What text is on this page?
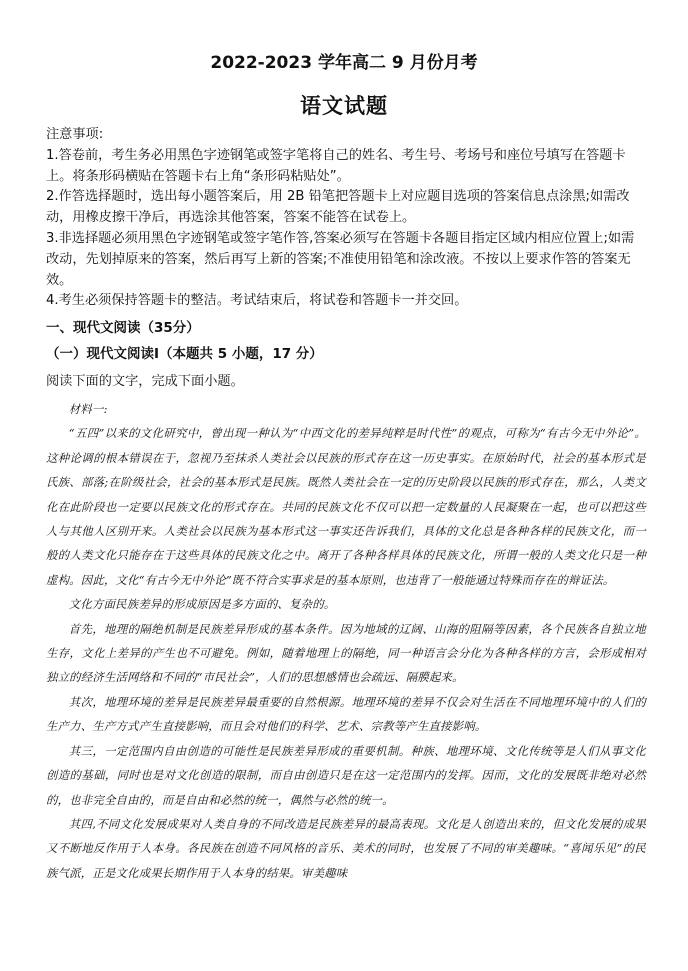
2022-2023 学年高二 9 月份月考
语文试题

注意事项:

1.答卷前，考生务必用黑色字迹钢笔或签字笔将自己的姓名、考生号、考场号和座位号填写在答题卡上。将条形码横贴在答题卡右上角“条形码粘贴处”。

2.作答选择题时，选出每小题答案后，用 2B 铅笔把答题卡上对应题目选项的答案信息点涂黑;如需改动，用橡皮擦干净后，再选涂其他答案，答案不能答在试卷上。

3.非选择题必须用黑色字迹钢笔或签字笔作答,答案必须写在答题卡各题目指定区域内相应位置上;如需改动，先划掉原来的答案，然后再写上新的答案;不准使用铅笔和涂改液。不按以上要求作答的答案无效。

4.考生必须保持答题卡的整洁。考试结束后，将试卷和答题卡一并交回。

一、现代文阅读（35分）
（一）现代文阅读Ⅰ（本题共 5 小题，17 分）
阅读下面的文字，完成下面小题。

材料一:

“五四”以来的文化研究中，曾出现一种认为“中西文化的差异纯粹是时代性”的观点，可称为“有古今无中外论”。这种论调的根本错误在于，忽视乃至抹杀人类社会以民族的形式存在这一历史事实。在原始时代，社会的基本形式是氏族、部落;在阶级社会，社会的基本形式是民族。既然人类社会在一定的历史阶段以民族的形式存在，那么，人类文化在此阶段也一定要以民族文化的形式存在。共同的民族文化不仅可以把一定数量的人民凝聚在一起，也可以把这些人与其他人区别开来。人类社会以民族为基本形式这一事实还告诉我们，具体的文化总是各种各样的民族文化，而一般的人类文化只能存在于这些具体的民族文化之中。离开了各种各样具体的民族文化，所谓一般的人类文化只是一种虚构。因此，文化“有古今无中外论”既不符合实事求是的基本原则，也违背了一般能通过特殊而存在的辩证法。

文化方面民族差异的形成原因是多方面的、复杂的。

首先，地理的隔绝机制是民族差异形成的基本条件。因为地域的辽阔、山海的阻隔等因素，各个民族各自独立地生存，文化上差异的产生也不可避免。例如，随着地理上的隔绝，同一种语言会分化为各种各样的方言，会形成相对独立的经济生活网络和不同的“市民社会”，人们的思想感情也会疏远、隔膜起来。

其次，地理环境的差异是民族差异最重要的自然根源。地理环境的差异不仅会对生活在不同地理环境中的人们的生产力、生产方式产生直接影响，而且会对他们的科学、艺术、宗教等产生直接影响。

其三，一定范围内自由创造的可能性是民族差异形成的重要机制。种族、地理环境、文化传统等是人们从事文化创造的基础，同时也是对文化创造的限制，而自由创造只是在这一定范围内的发挥。因而，文化的发展既非绝对必然的，也非完全自由的，而是自由和必然的统一，偶然与必然的统一。

其四,不同文化发展成果对人类自身的不同改造是民族差异的最高表现。文化是人创造出来的，但文化发展的成果又不断地反作用于人本身。各民族在创造不同风格的音乐、美术的同时，也发展了不同的审美趣味。“喜闻乐见”的民族气派，正是文化成果长期作用于人本身的结果。审美趣味
